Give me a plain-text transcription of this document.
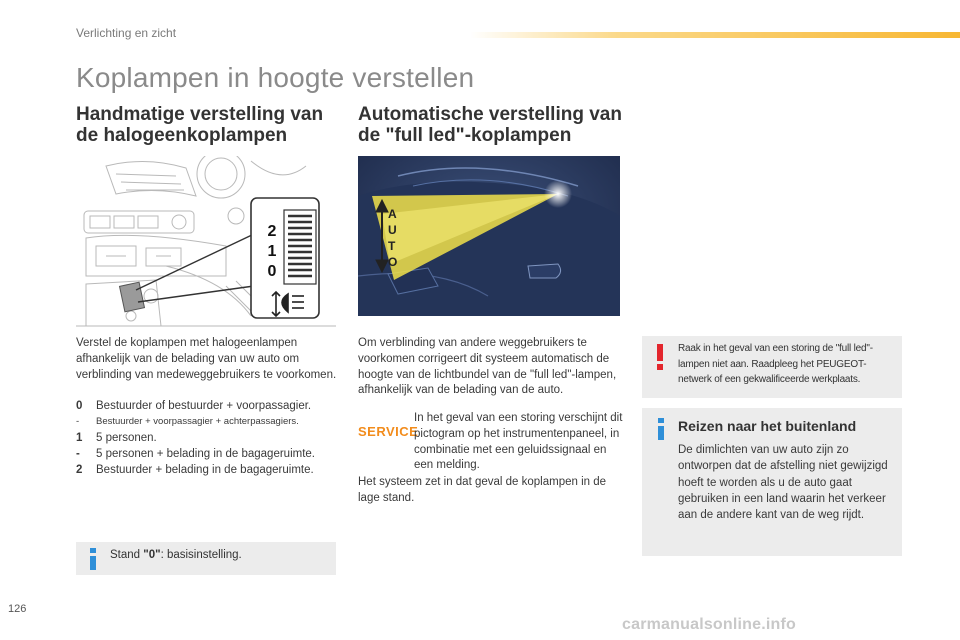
Verlichting en zicht
Koplampen in hoogte verstellen
Handmatige verstelling van de halogeenkoplampen
Automatische verstelling van de "full led"-koplampen
2
1
0
A
U
T
O
Verstel de koplampen met halogeenlampen afhankelijk van de belading van uw auto om verblinding van medeweggebruikers te voorkomen.
0	Bestuurder of bestuurder + voorpassagier.
-	Bestuurder + voorpassagier + achterpassagiers.
1	5 personen.
-	5 personen + belading in de bagageruimte.
2	Bestuurder + belading in de bagageruimte.
Stand "0": basisinstelling.
Om verblinding van andere weggebruikers te voorkomen corrigeert dit systeem automatisch de hoogte van de lichtbundel van de "full led"-lampen, afhankelijk van de belading van de auto.
SERVICE
In het geval van een storing verschijnt dit pictogram op het instrumentenpaneel, in combinatie met een geluidssignaal en een melding.
Het systeem zet in dat geval de koplampen in de lage stand.
Raak in het geval van een storing de "full led"-lampen niet aan. Raadpleeg het PEUGEOT-netwerk of een gekwalificeerde werkplaats.
Reizen naar het buitenland
De dimlichten van uw auto zijn zo ontworpen dat de afstelling niet gewijzigd hoeft te worden als u de auto gaat gebruiken in een land waarin het verkeer aan de andere kant van de weg rijdt.
126
carmanualsonline.info
